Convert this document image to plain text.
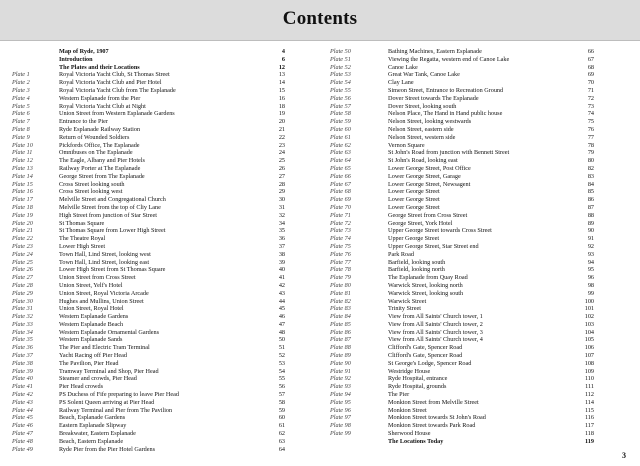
Contents
Map of Ryde, 1907	4
Introduction	6
The Plates and their Locations	12
Plate 1	Royal Victoria Yacht Club, St Thomas Street	13
Plate 2	Royal Victoria Yacht Club and Pier Hotel	14
Plate 3	Royal Victoria Yacht Club from The Esplanade	15
Plate 4	Western Esplanade from the Pier	16
Plate 5	Royal Victoria Yacht Club at Night	18
Plate 6	Union Street from Western Esplanade Gardens	19
Plate 7	Entrance to the Pier	20
Plate 8	Ryde Esplanade Railway Station	21
Plate 9	Return of Wounded Soldiers	22
Plate 10	Pickfords Office, The Esplanade	23
Plate 11	Omnibuses on The Esplanade	24
Plate 12	The Eagle, Albany and Pier Hotels	25
Plate 13	Railway Porter at The Esplanade	26
Plate 14	George Street from The Esplanade	27
Plate 15	Cross Street looking south	28
Plate 16	Cross Street looking west	29
Plate 17	Melville Street and Congregational Church	30
Plate 18	Melville Street from the top of Cliy Lane	31
Plate 19	High Street from junction of Star Street	32
Plate 20	St Thomas Square	34
Plate 21	St Thomas Square from Lower High Street	35
Plate 22	The Theatre Royal	36
Plate 23	Lower High Street	37
Plate 24	Town Hall, Lind Street, looking west	38
Plate 25	Town Hall, Lind Street, looking east	39
Plate 26	Lower High Street from St Thomas Square	40
Plate 27	Union Street from Cross Street	41
Plate 28	Union Street, Yelf's Hotel	42
Plate 29	Union Street, Royal Victoria Arcade	43
Plate 30	Hughes and Mullins, Union Street	44
Plate 31	Union Street, Royal Hotel	45
Plate 32	Western Esplanade Gardens	46
Plate 33	Western Esplanade Beach	47
Plate 34	Western Esplanade Ornamental Gardens	48
Plate 35	Western Esplanade Sands	50
Plate 36	The Pier and Electric Tram Terminal	51
Plate 37	Yacht Racing off Pier Head	52
Plate 38	The Pavilion, Pier Head	53
Plate 39	Tramway Terminal and Shop, Pier Head	54
Plate 40	Steamer and crowds, Pier Head	55
Plate 41	Pier Head crowds	56
Plate 42	PS Duchess of Fife preparing to leave Pier Head	57
Plate 43	PS Solent Queen arriving at Pier Head	58
Plate 44	Railway Terminal and Pier from The Pavilion	59
Plate 45	Beach, Esplanade Gardens	60
Plate 46	Eastern Esplanade Slipway	61
Plate 47	Breakwater, Eastern Esplanade	62
Plate 48	Beach, Eastern Esplanade	63
Plate 49	Ryde Pier from the Pier Hotel Gardens	64
Plate 50	Bathing Machines, Eastern Esplanade	66
Plate 51	Viewing the Regatta, western end of Canoe Lake	67
Plate 52	Canoe Lake	68
Plate 53	Great War Tank, Canoe Lake	69
Plate 54	Clay Lane	70
Plate 55	Simeon Street, Entrance to Recreation Ground	71
Plate 56	Dover Street towards The Esplanade	72
Plate 57	Dover Street, looking south	73
Plate 58	Nelson Place, The Hand in Hand public house	74
Plate 59	Nelson Street, looking westwards	75
Plate 60	Nelson Street, eastern side	76
Plate 61	Nelson Street, western side	77
Plate 62	Vernon Square	78
Plate 63	St John's Road from junction with Bennett Street	79
Plate 64	St John's Road, looking east	80
Plate 65	Lower George Street, Post Office	82
Plate 66	Lower George Street, Garage	83
Plate 67	Lower George Street, Newsagent	84
Plate 68	Lower George Street	85
Plate 69	Lower George Street	86
Plate 70	Lower George Street	87
Plate 71	George Street from Cross Street	88
Plate 72	George Street, York Hotel	89
Plate 73	Upper George Street towards Cross Street	90
Plate 74	Upper George Street	91
Plate 75	Upper George Street, Star Street end	92
Plate 76	Park Road	93
Plate 77	Barfield, looking south	94
Plate 78	Barfield, looking north	95
Plate 79	The Esplanade from Quay Road	96
Plate 80	Warwick Street, looking north	98
Plate 81	Warwick Street, looking south	99
Plate 82	Warwick Street	100
Plate 83	Trinity Street	101
Plate 84	View from All Saints' Church tower, 1	102
Plate 85	View from All Saints' Church tower, 2	103
Plate 86	View from All Saints' Church tower, 3	104
Plate 87	View from All Saints' Church tower, 4	105
Plate 88	Clifford's Gate, Spencer Road	106
Plate 89	Clifford's Gate, Spencer Road	107
Plate 90	St George's Lodge, Spencer Road	108
Plate 91	Westridge House	109
Plate 92	Ryde Hospital, entrance	110
Plate 93	Ryde Hospital, grounds	111
Plate 94	The Pier	112
Plate 95	Monkton Street from Melville Street	114
Plate 96	Monkton Street	115
Plate 97	Monkton Street towards St John's Road	116
Plate 98	Monkton Street towards Park Road	117
Plate 99	Sherwood House	118
The Locations Today	119
3
